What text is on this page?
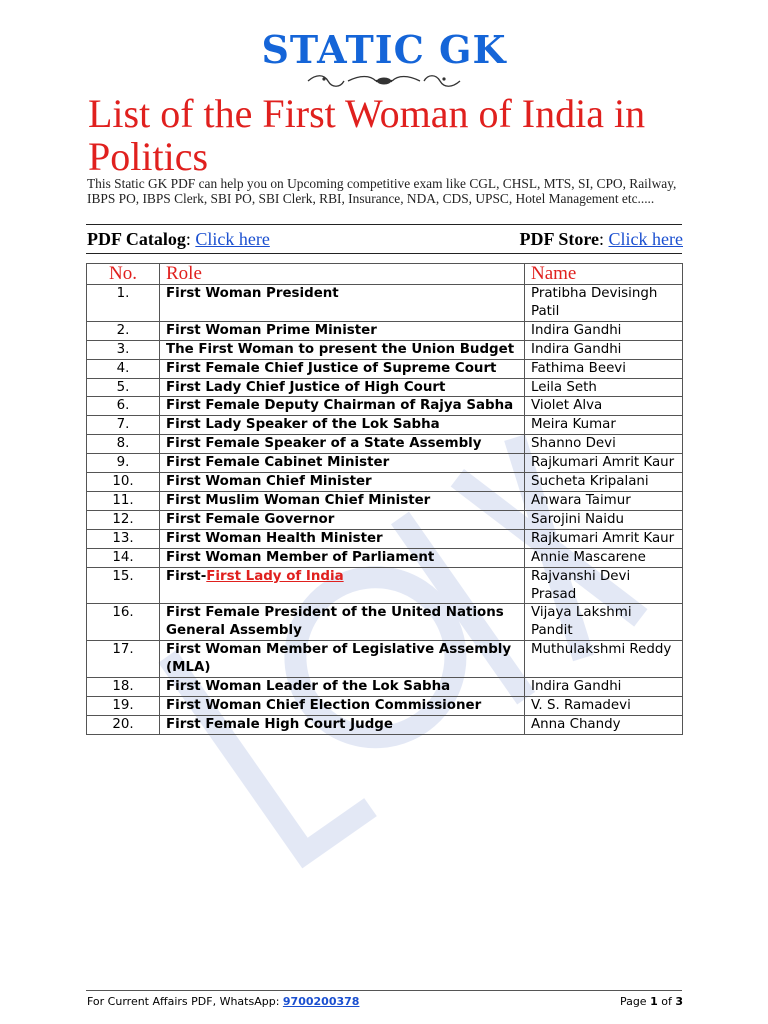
STATIC GK
List of the First Woman of India in Politics
This Static GK PDF can help you on Upcoming competitive exam like CGL, CHSL, MTS, SI, CPO, Railway, IBPS PO, IBPS Clerk, SBI PO, SBI Clerk, RBI, Insurance, NDA, CDS, UPSC, Hotel Management etc.....
PDF Catalog: Click here	PDF Store: Click here
No.	Role	Name
1.	First Woman President	Pratibha Devisingh Patil
2.	First Woman Prime Minister	Indira Gandhi
3.	The First Woman to present the Union Budget	Indira Gandhi
4.	First Female Chief Justice of Supreme Court	Fathima Beevi
5.	First Lady Chief Justice of High Court	Leila Seth
6.	First Female Deputy Chairman of Rajya Sabha	Violet Alva
7.	First Lady Speaker of the Lok Sabha	Meira Kumar
8.	First Female Speaker of a State Assembly	Shanno Devi
9.	First Female Cabinet Minister	Rajkumari Amrit Kaur
10.	First Woman Chief Minister	Sucheta Kripalani
11.	First Muslim Woman Chief Minister	Anwara Taimur
12.	First Female Governor	Sarojini Naidu
13.	First Woman Health Minister	Rajkumari Amrit Kaur
14.	First Woman Member of Parliament	Annie Mascarene
15.	First-First Lady of India	Rajvanshi Devi Prasad
16.	First Female President of the United Nations General Assembly	Vijaya Lakshmi Pandit
17.	First Woman Member of Legislative Assembly (MLA)	Muthulakshmi Reddy
18.	First Woman Leader of the Lok Sabha	Indira Gandhi
19.	First Woman Chief Election Commissioner	V. S. Ramadevi
20.	First Female High Court Judge	Anna Chandy
For Current Affairs PDF, WhatsApp: 9700200378	Page 1 of 3
